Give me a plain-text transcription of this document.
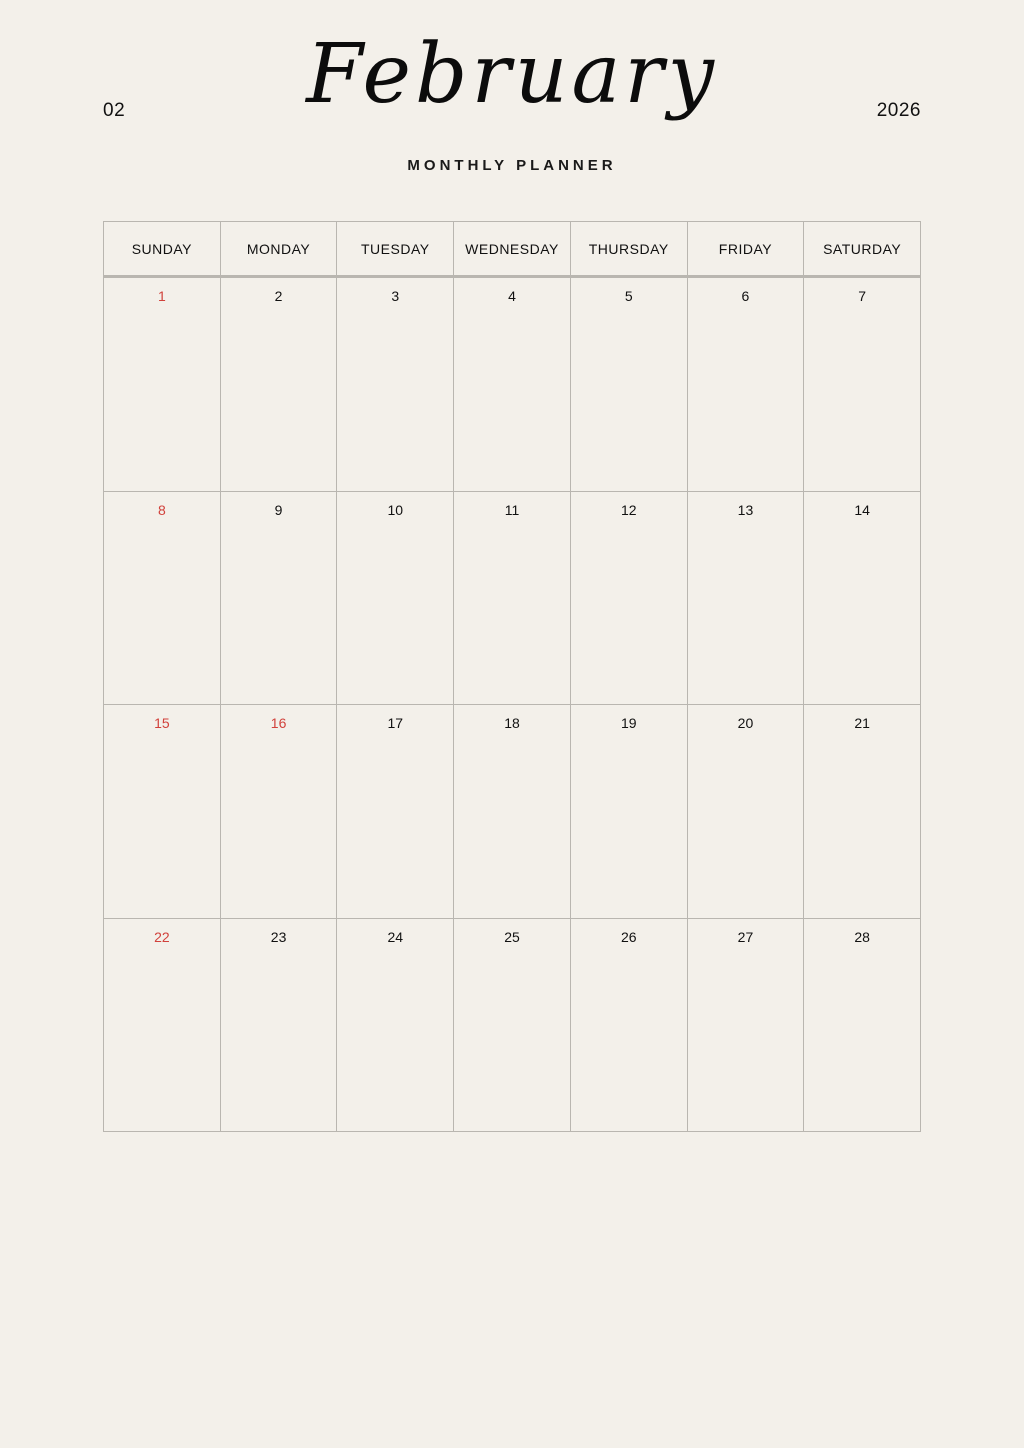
02	February	2026
MONTHLY PLANNER
SUNDAY	MONDAY	TUESDAY	WEDNESDAY	THURSDAY	FRIDAY	SATURDAY
1	2	3	4	5	6	7
8	9	10	11	12	13	14
15	16	17	18	19	20	21
22	23	24	25	26	27	28
